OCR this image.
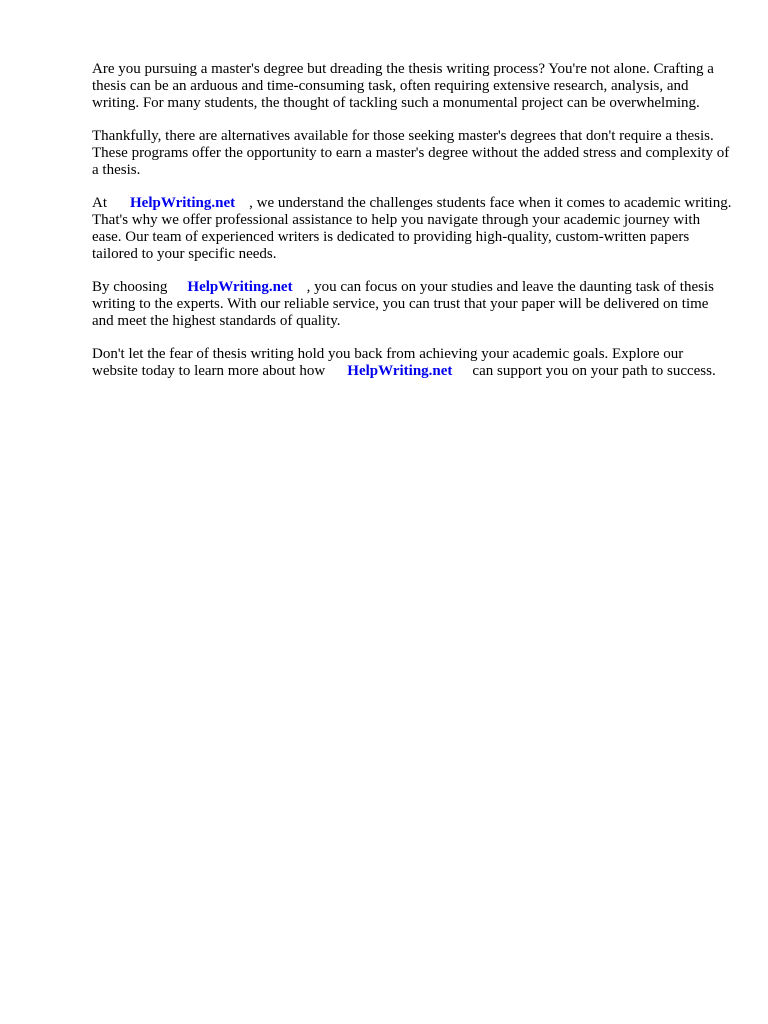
Are you pursuing a master's degree but dreading the thesis writing process? You're not alone. Crafting a thesis can be an arduous and time-consuming task, often requiring extensive research, analysis, and writing. For many students, the thought of tackling such a monumental project can be overwhelming.

Thankfully, there are alternatives available for those seeking master's degrees that don't require a thesis. These programs offer the opportunity to earn a master's degree without the added stress and complexity of a thesis.

At HelpWriting.net , we understand the challenges students face when it comes to academic writing. That's why we offer professional assistance to help you navigate through your academic journey with ease. Our team of experienced writers is dedicated to providing high-quality, custom-written papers tailored to your specific needs.

By choosing HelpWriting.net , you can focus on your studies and leave the daunting task of thesis writing to the experts. With our reliable service, you can trust that your paper will be delivered on time and meet the highest standards of quality.

Don't let the fear of thesis writing hold you back from achieving your academic goals. Explore our website today to learn more about how HelpWriting.net can support you on your path to success.
